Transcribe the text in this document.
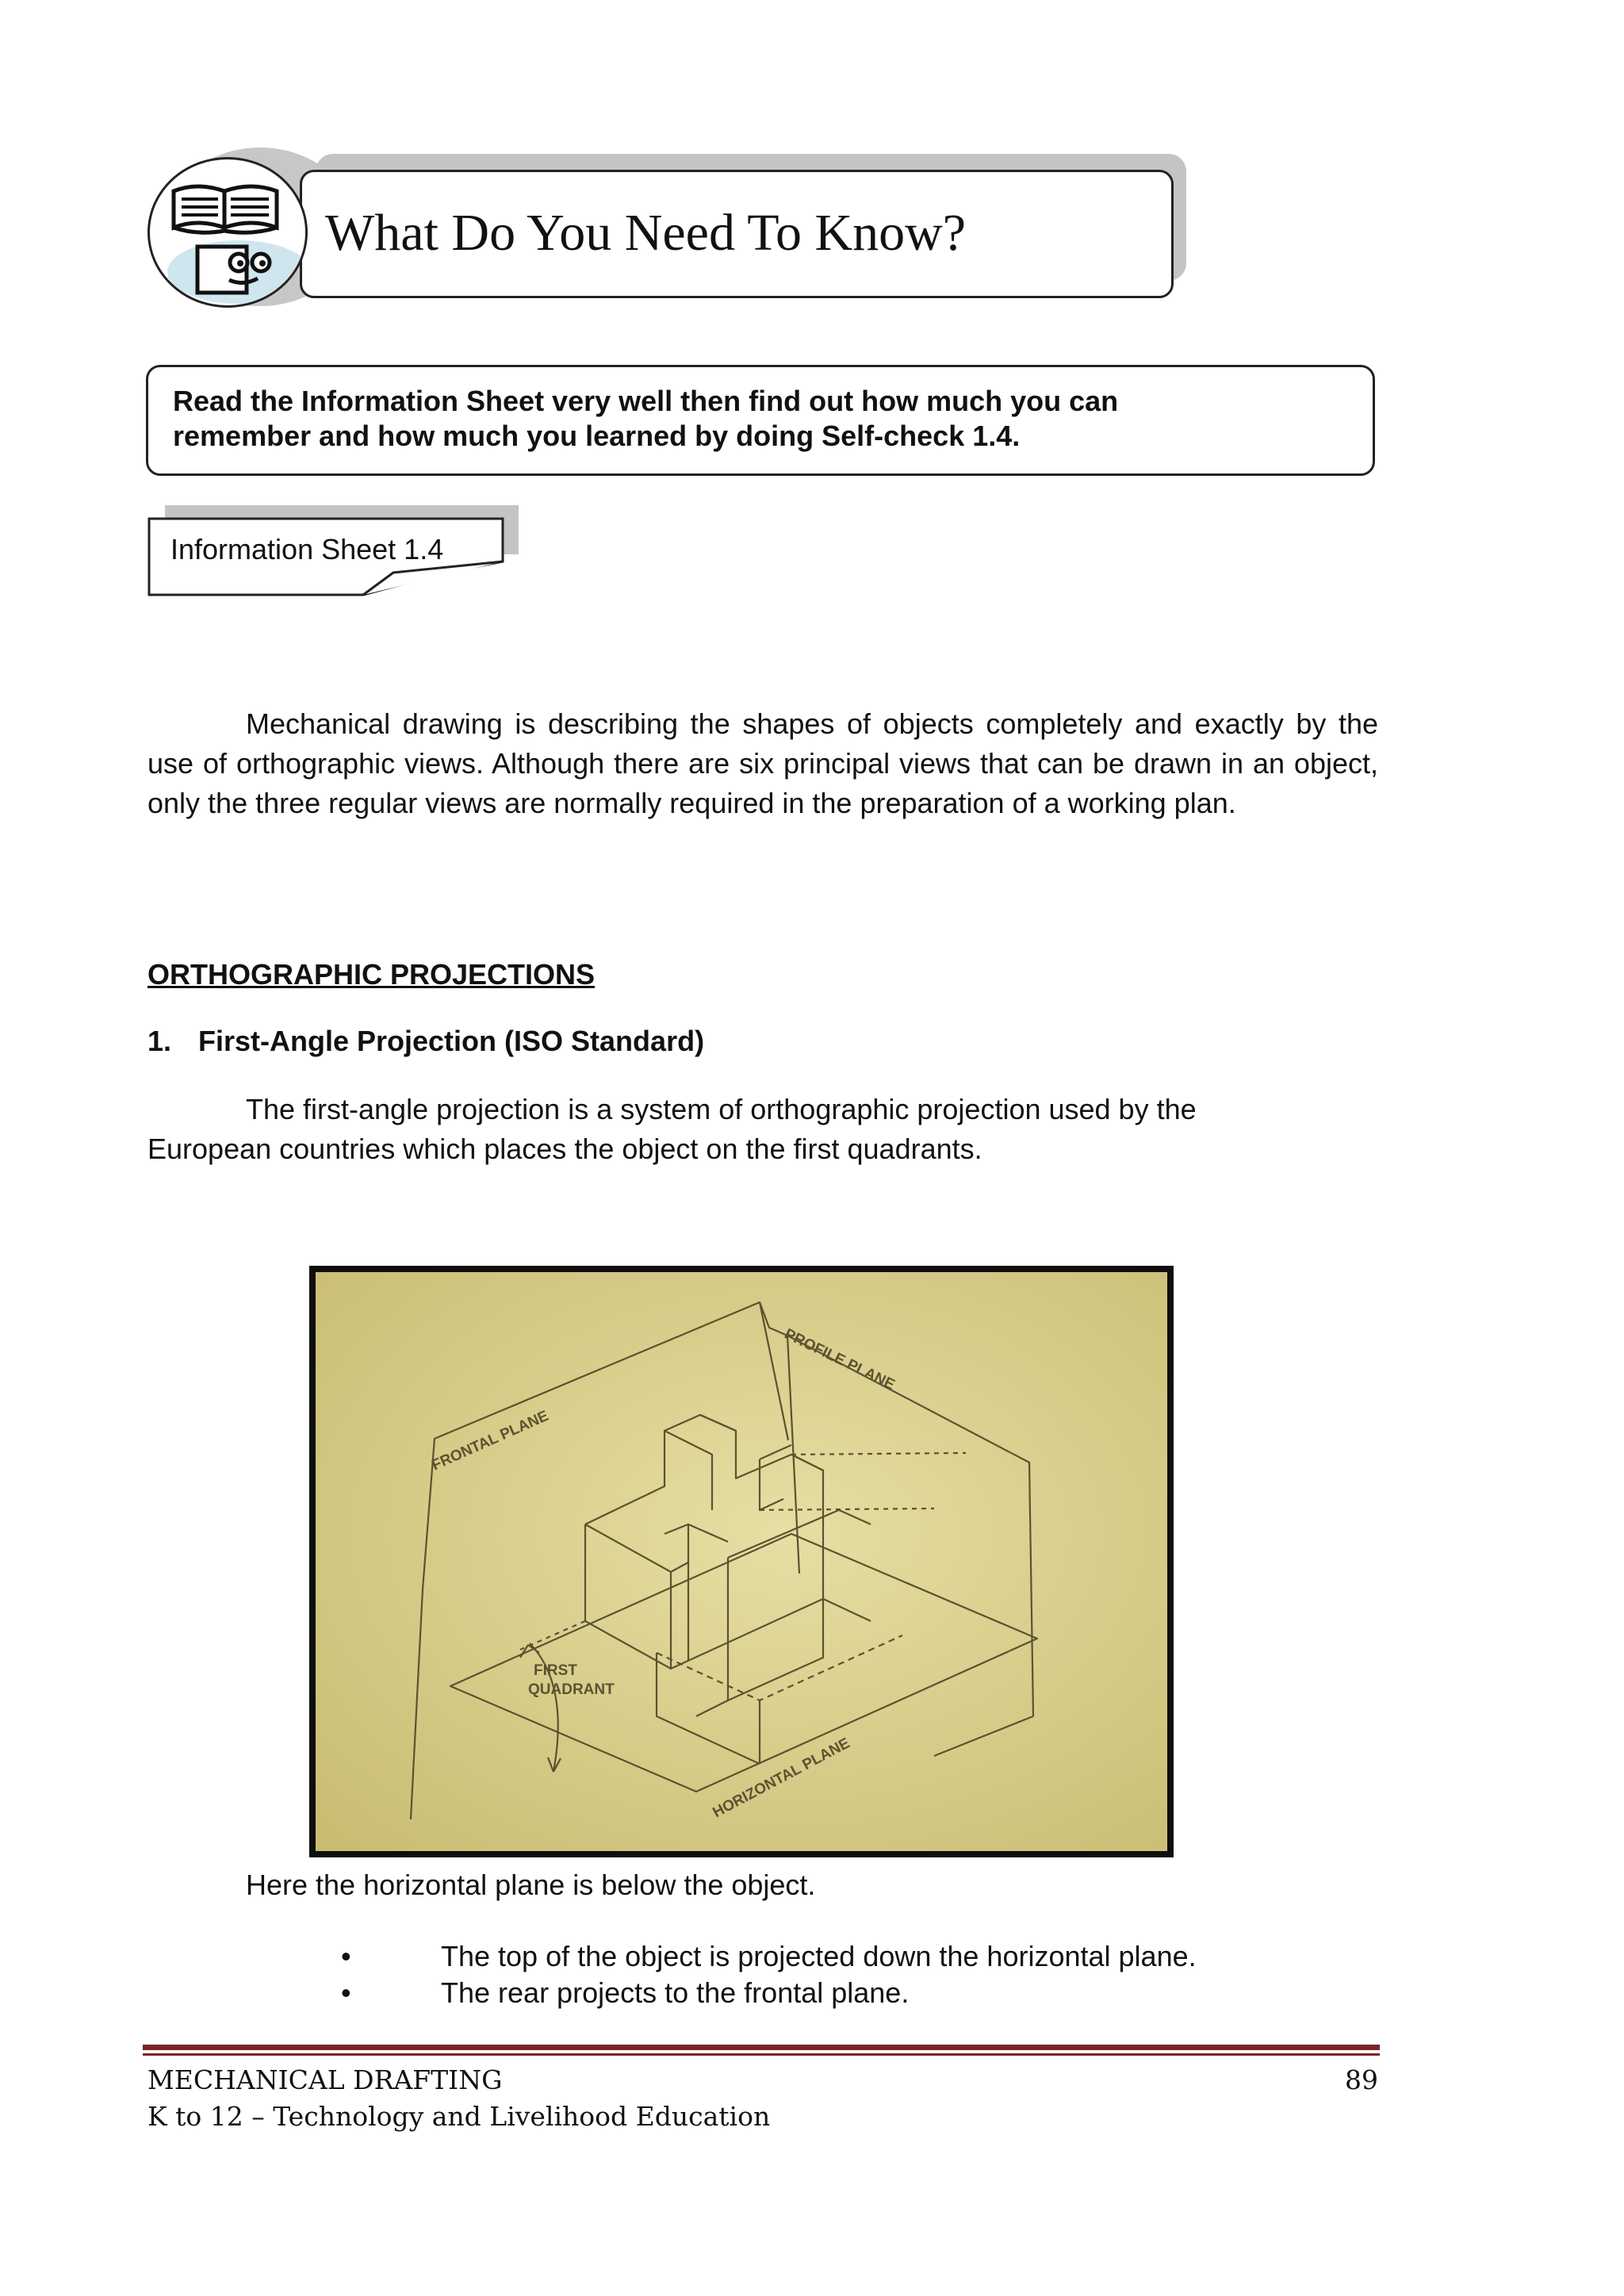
What Do You Need To Know?
Read the Information Sheet very well then find out how much you can
remember and how much you learned by doing Self-check 1.4.
Information Sheet 1.4
Mechanical drawing is describing the shapes of objects completely and exactly by the use of orthographic views. Although there are six principal views that can be drawn in an object, only the three regular views are normally required in the preparation of a working plan.
ORTHOGRAPHIC PROJECTIONS
1. First-Angle Projection (ISO Standard)
The first-angle projection is a system of orthographic projection used by the
European countries which places the object on the first quadrants.
FRONTAL PLANE
PROFILE PLANE
FIRST
QUADRANT
HORIZONTAL PLANE
Here the horizontal plane is below the object.
•	The top of the object is projected down the horizontal plane.
•	The rear projects to the frontal plane.
MECHANICAL DRAFTING
K to 12 – Technology and Livelihood Education
89
